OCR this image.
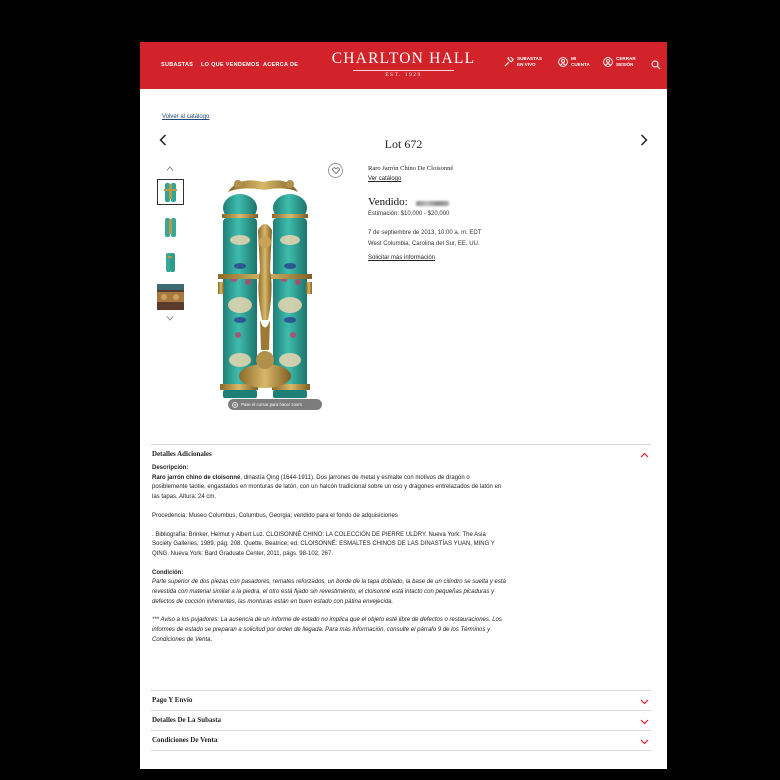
SUBASTAS LO QUE VENDEMOS ACERCA DE CHARLTON HALL
EST. 1929
SUBASTAS EN VIVO
MI CUENTA
CERRAR SESIÓN
Volver al catálogo
Lot 672
Pase el cursor para hacer zoom
Raro Jarrón Chino De Cloisonné
Ver catálogo
Vendido:
Estimación: $10,000 - $20,000
7 de septiembre de 2013, 10:00 a. m. EDT
West Columbia, Carolina del Sur, EE. UU.
Solicitar más información
Detalles Adicionales

Descripción:
Raro jarrón chino de cloisonné, dinastía Qing (1644-1911). Dos jarrones de metal y esmalte con motivos de dragón o posiblemente taotie, engastados en monturas de latón, con un halcón tradicional sobre un oso y dragones entrelazados de latón en las tapas. Altura: 24 cm.

Procedencia: Museo Columbus, Columbus, Georgia; vendido para el fondo de adquisiciones

. Bibliografía: Brinker, Helmut y Albert Luz. CLOISONNÉ CHINO: LA COLECCIÓN DE PIERRE ULDRY. Nueva York: The Asia Society Galleries, 1989, pág. 208. Quette, Beatrice, ed. CLOISONNÉ: ESMALTES CHINOS DE LAS DINASTÍAS YUAN, MING Y QING. Nueva York: Bard Graduate Center, 2011, págs. 98-102, 267.

Condición:
Parte superior de dos piezas con pasadores, remates reforzados, un borde de la tapa doblado, la base de un cilindro se suelta y está revestida con material similar a la piedra, el otro está fijado sin revestimiento, el cloisonné está intacto con pequeñas picaduras y defectos de cocción inherentes, las monturas están en buen estado con pátina envejecida.

*** Aviso a los pujadores: La ausencia de un informe de estado no implica que el objeto esté libre de defectos o restauraciones. Los informes de estado se preparan a solicitud por orden de llegada. Para más información, consulte el párrafo 9 de los Términos y Condiciones de Venta.

Pago Y Envío
Detalles De La Subasta
Condiciones De Venta
